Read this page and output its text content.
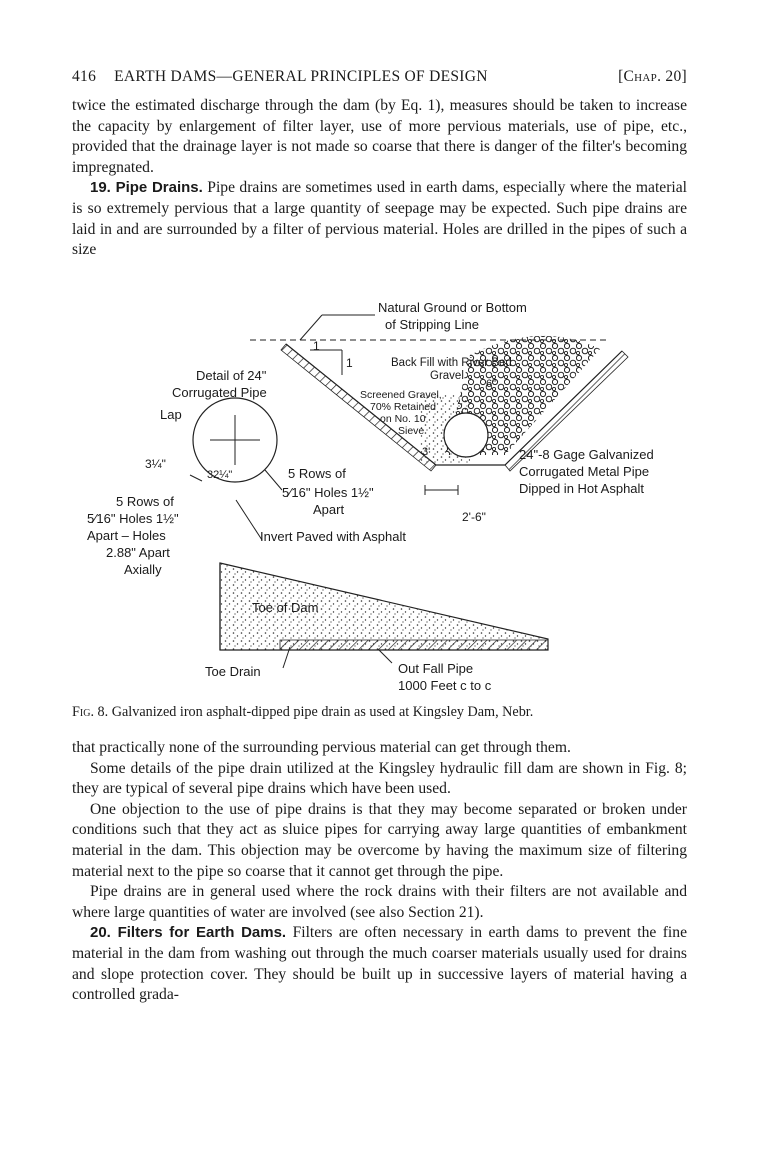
416 EARTH DAMS—GENERAL PRINCIPLES OF DESIGN	[Chap. 20]

twice the estimated discharge through the dam (by Eq. 1), measures should be taken to increase the capacity by enlargement of filter layer, use of more pervious materials, use of pipe, etc., provided that the drainage layer is not made so coarse that there is danger of the filter's becoming impregnated.

19. Pipe Drains. Pipe drains are sometimes used in earth dams, especially where the material is so extremely pervious that a large quantity of seepage may be expected. Such pipe drains are laid in and are surrounded by a filter of pervious material. Holes are drilled in the pipes of such a size

Natural Ground or Bottom
of Stripping Line
1
1	Back Fill with River Bed
Gravel
Detail of 24"
Corrugated Pipe	Screened Gravel,
70% Retained
on No. 10
Sieve
Lap
3¼"
32¼"
3'
6"
5 Rows of
5⁄16" Holes 1½"
Apart
24"-8 Gage Galvanized
Corrugated Metal Pipe
Dipped in Hot Asphalt
5 Rows of
5⁄16" Holes 1½"
Apart – Holes
2.88" Apart
Axially
2'-6"
Invert Paved with Asphalt
Toe of Dam
Toe Drain	Out Fall Pipe
1000 Feet c to c
Fig. 8. Galvanized iron asphalt-dipped pipe drain as used at Kingsley Dam, Nebr.

that practically none of the surrounding pervious material can get through them.

Some details of the pipe drain utilized at the Kingsley hydraulic fill dam are shown in Fig. 8; they are typical of several pipe drains which have been used.

One objection to the use of pipe drains is that they may become separated or broken under conditions such that they act as sluice pipes for carrying away large quantities of embankment material in the dam. This objection may be overcome by having the maximum size of filtering material next to the pipe so coarse that it cannot get through the pipe.

Pipe drains are in general used where the rock drains with their filters are not available and where large quantities of water are involved (see also Section 21).

20. Filters for Earth Dams. Filters are often necessary in earth dams to prevent the fine material in the dam from washing out through the much coarser materials usually used for drains and slope protection cover. They should be built up in successive layers of material having a controlled grada-
